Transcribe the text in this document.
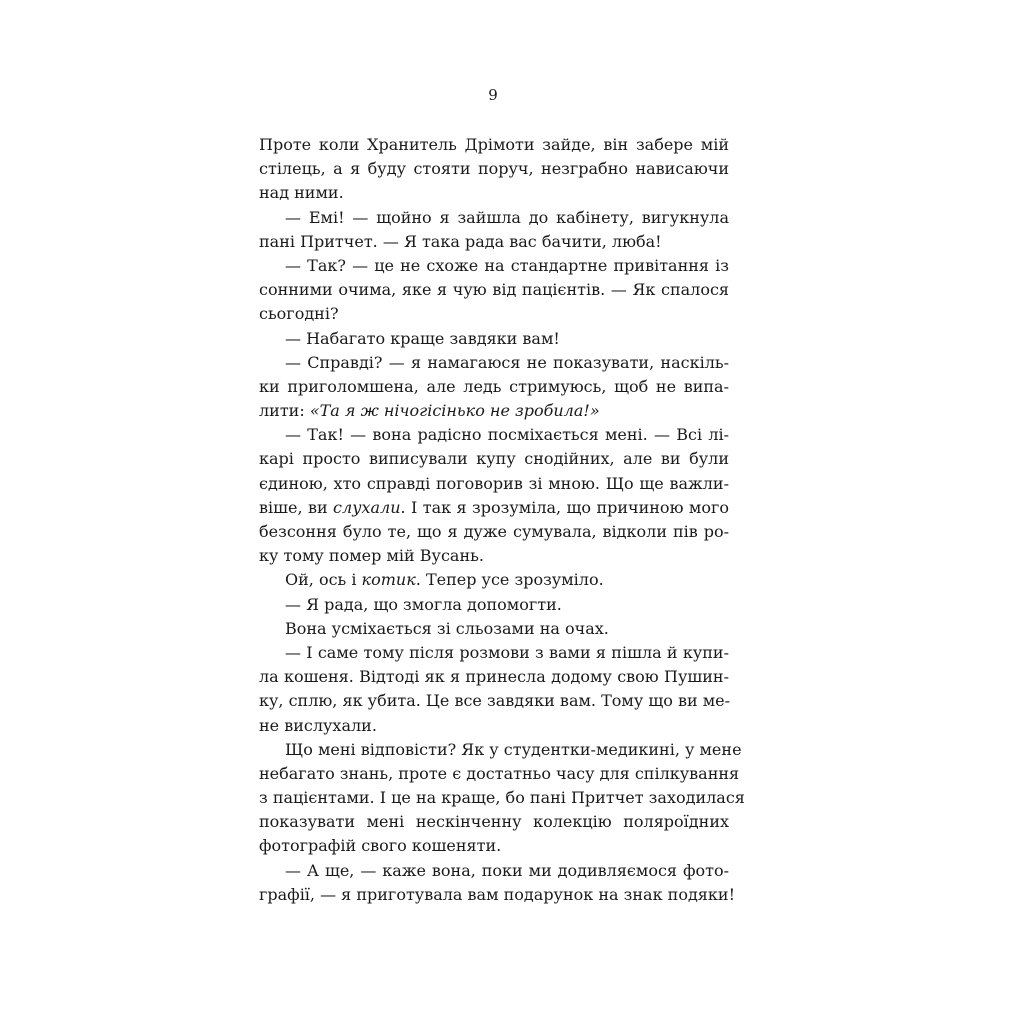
9
Проте коли Хранитель Дрімоти зайде, він забере мій
стілець, а я буду стояти поруч, незграбно нависаючи
над ними.
— Емі! — щойно я зайшла до кабінету, вигукнула
пані Притчет. — Я така рада вас бачити, люба!
— Так? — це не схоже на стандартне привітання із
сонними очима, яке я чую від пацієнтів. — Як спалося
сьогодні?
— Набагато краще завдяки вам!
— Справді? — я намагаюся не показувати, наскіль-
ки приголомшена, але ледь стримуюсь, щоб не випа-
лити: «Та я ж нічогісінько не зробила!»
— Так! — вона радісно посміхається мені. — Всі лі-
карі просто виписували купу снодійних, але ви були
єдиною, хто справді поговорив зі мною. Що ще важли-
віше, ви слухали. І так я зрозуміла, що причиною мого
безсоння було те, що я дуже сумувала, відколи пів ро-
ку тому помер мій Вусань.
Ой, ось і котик. Тепер усе зрозуміло.
— Я рада, що змогла допомогти.
Вона усміхається зі сльозами на очах.
— І саме тому після розмови з вами я пішла й купи-
ла кошеня. Відтоді як я принесла додому свою Пушин-
ку, сплю, як убита. Це все завдяки вам. Тому що ви ме-
не вислухали.
Що мені відповісти? Як у студентки-медикині, у мене
небагато знань, проте є достатньо часу для спілкування
з пацієнтами. І це на краще, бо пані Притчет заходилася
показувати мені нескінченну колекцію поляроїдних
фотографій свого кошеняти.
— А ще, — каже вона, поки ми додивляємося фото-
графії, — я приготувала вам подарунок на знак подяки!
